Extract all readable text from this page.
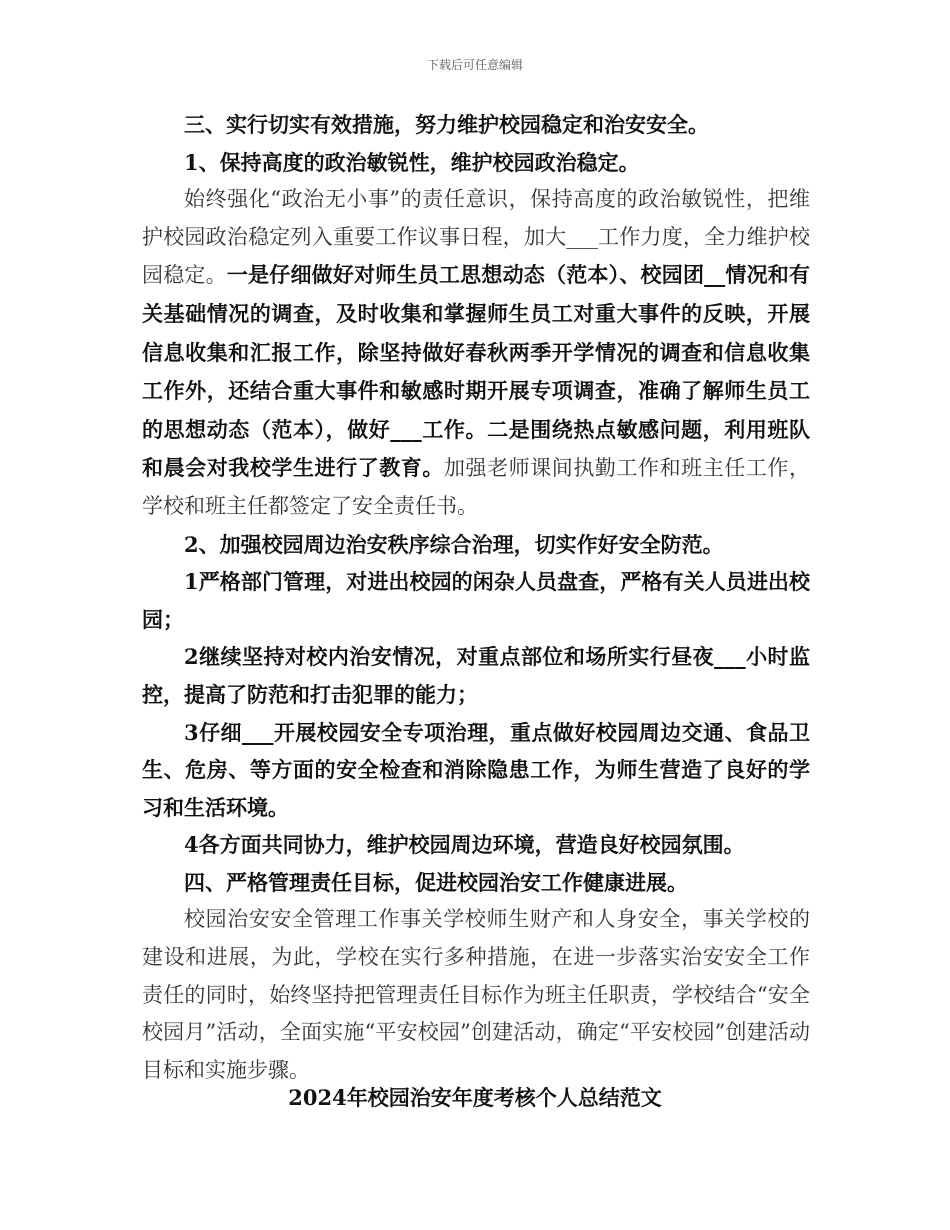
下载后可任意编辑

三、实行切实有效措施，努力维护校园稳定和治安安全。

1、保持高度的政治敏锐性，维护校园政治稳定。

始终强化“政治无小事”的责任意识，保持高度的政治敏锐性，把维护校园政治稳定列入重要工作议事日程，加大___工作力度，全力维护校园稳定。一是仔细做好对师生员工思想动态（范本）、校园团__情况和有关基础情况的调查，及时收集和掌握师生员工对重大事件的反映，开展信息收集和汇报工作，除坚持做好春秋两季开学情况的调查和信息收集工作外，还结合重大事件和敏感时期开展专项调查，准确了解师生员工的思想动态（范本），做好___工作。二是围绕热点敏感问题，利用班队和晨会对我校学生进行了教育。加强老师课间执勤工作和班主任工作，学校和班主任都签定了安全责任书。

2、加强校园周边治安秩序综合治理，切实作好安全防范。

1严格部门管理，对进出校园的闲杂人员盘查，严格有关人员进出校园；

2继续坚持对校内治安情况，对重点部位和场所实行昼夜___小时监控，提高了防范和打击犯罪的能力；

3仔细___开展校园安全专项治理，重点做好校园周边交通、食品卫生、危房、等方面的安全检查和消除隐患工作，为师生营造了良好的学习和生活环境。

4各方面共同协力，维护校园周边环境，营造良好校园氛围。

四、严格管理责任目标，促进校园治安工作健康进展。

校园治安安全管理工作事关学校师生财产和人身安全，事关学校的建设和进展，为此，学校在实行多种措施，在进一步落实治安安全工作责任的同时，始终坚持把管理责任目标作为班主任职责，学校结合“安全校园月”活动，全面实施“平安校园”创建活动，确定“平安校园”创建活动目标和实施步骤。

2024年校园治安年度考核个人总结范文
